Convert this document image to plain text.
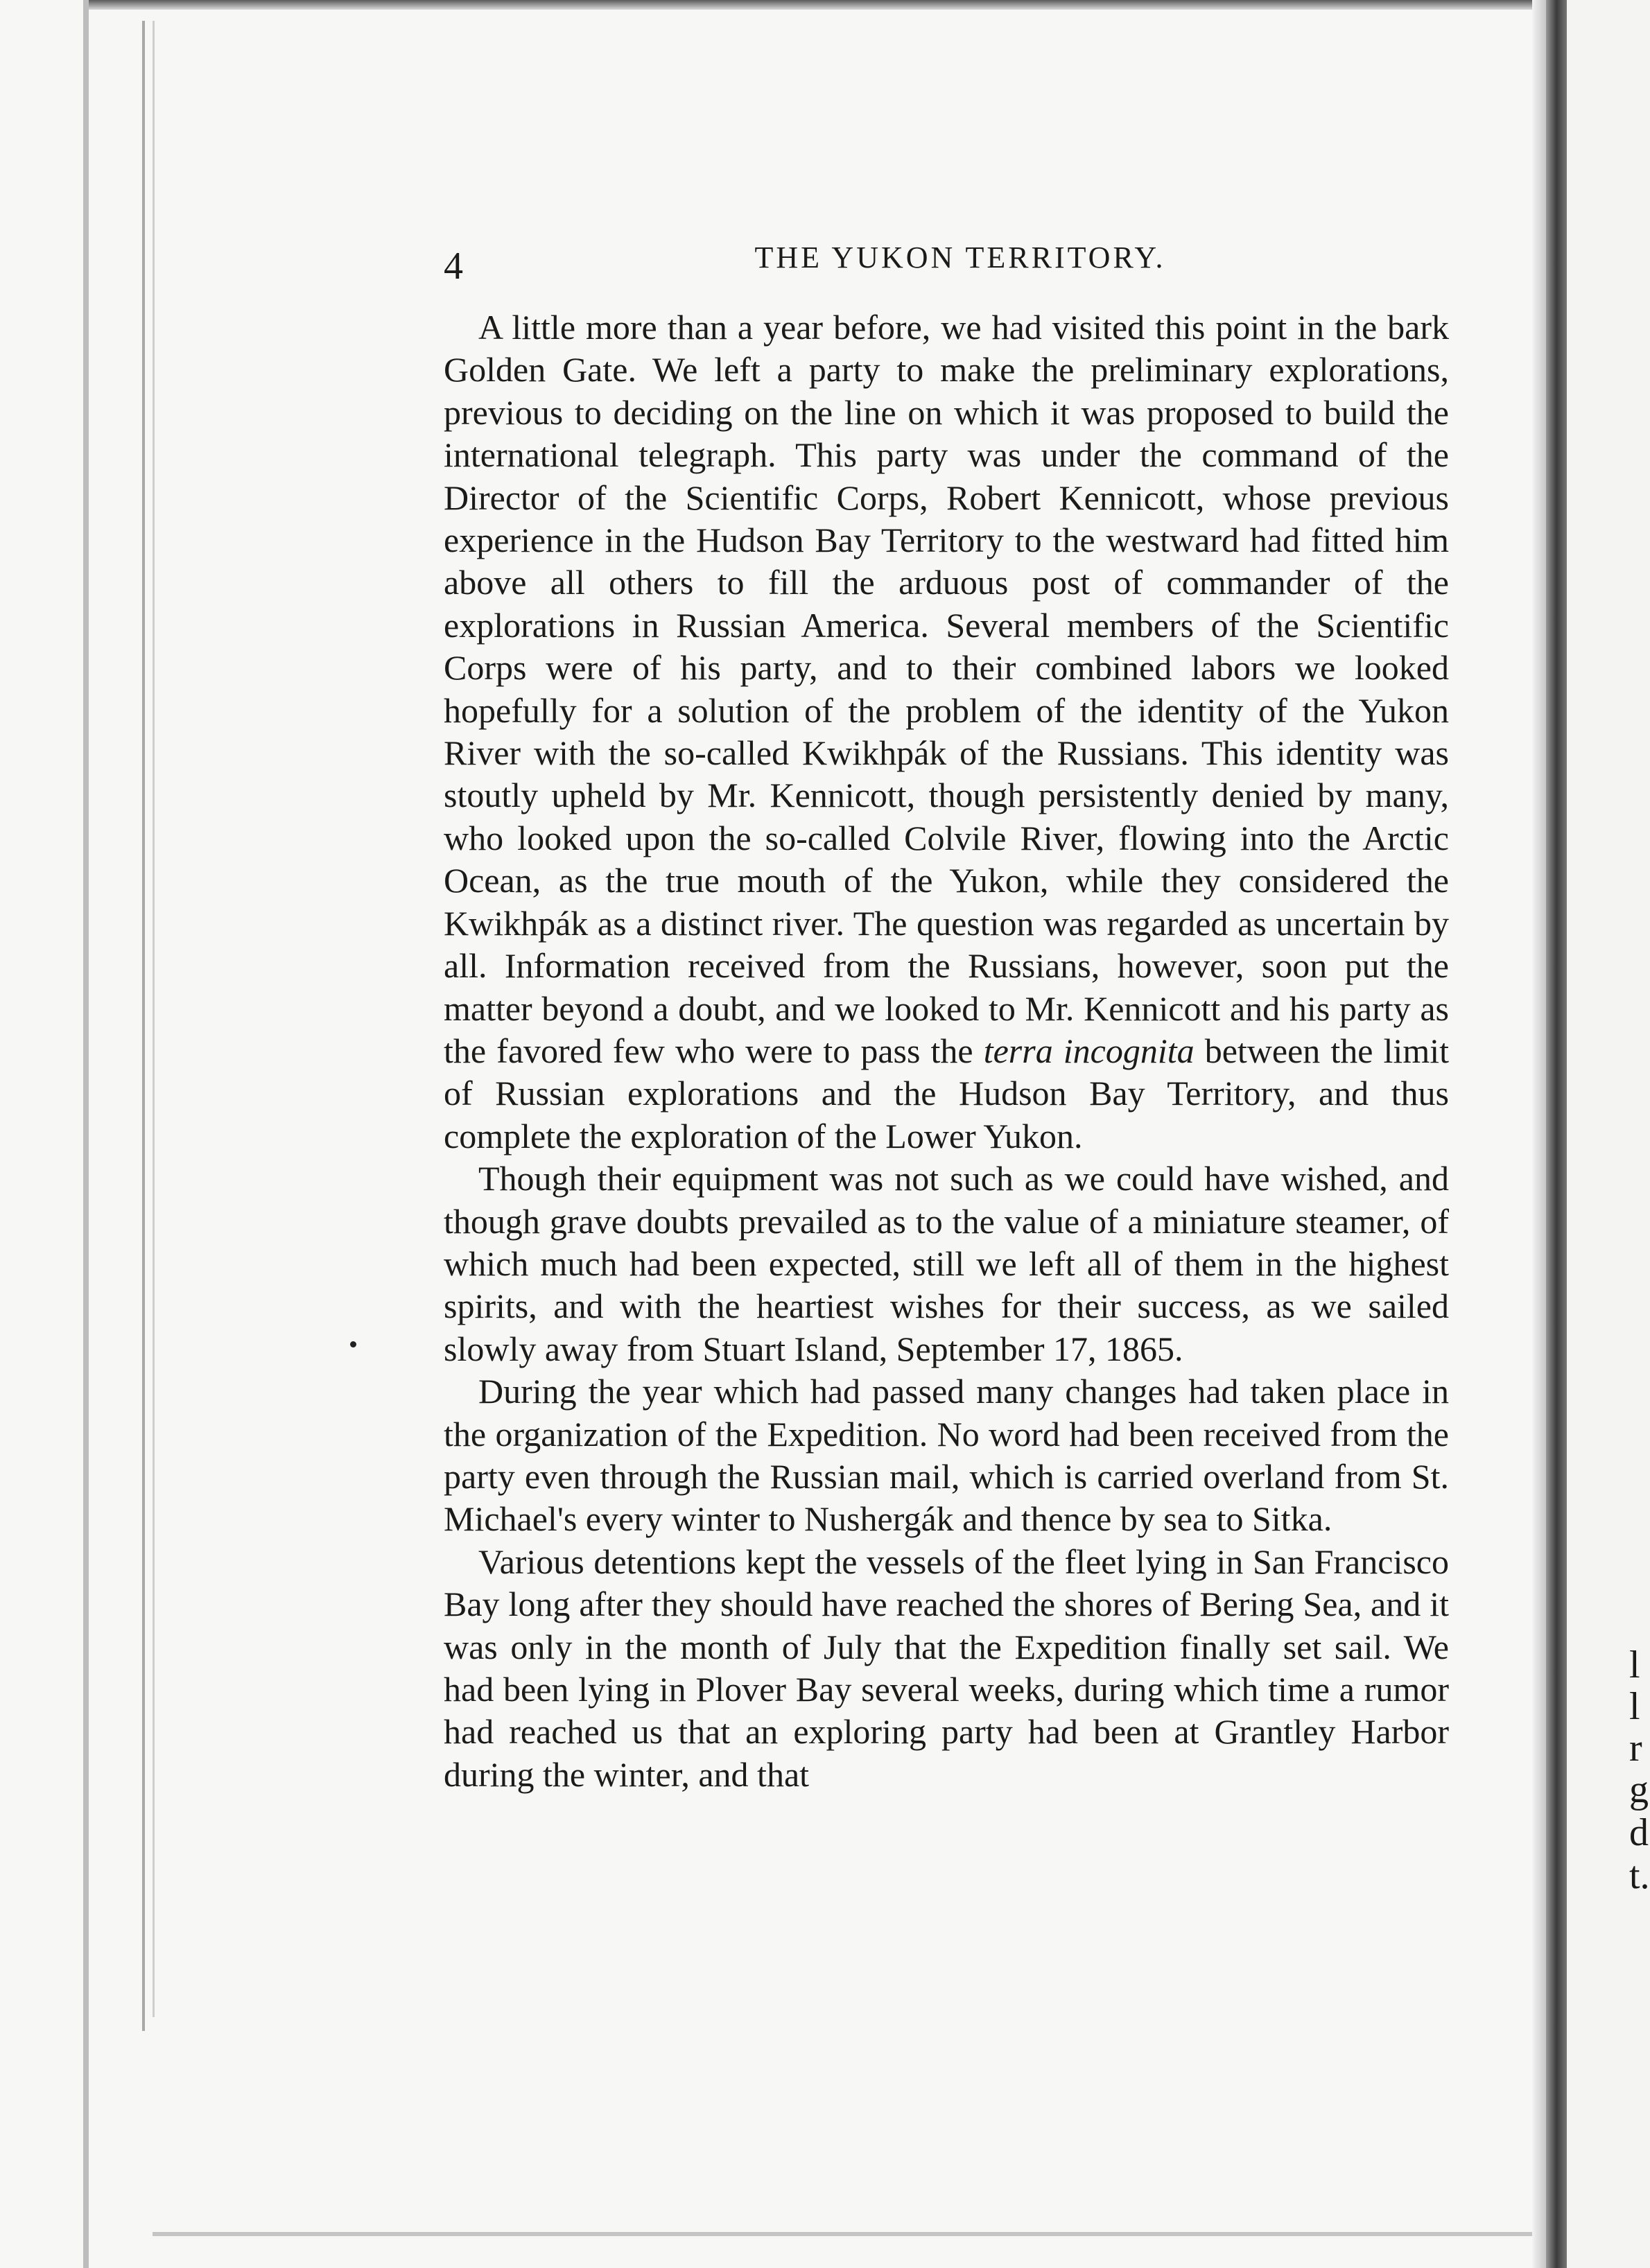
l
l
r
g
d
t.
4	THE YUKON TERRITORY.

A little more than a year before, we had visited this point in the bark Golden Gate. We left a party to make the preliminary explorations, previous to deciding on the line on which it was proposed to build the international telegraph. This party was under the command of the Director of the Scientific Corps, Robert Kennicott, whose previous experience in the Hudson Bay Territory to the westward had fitted him above all others to fill the arduous post of commander of the explorations in Russian America. Several members of the Scientific Corps were of his party, and to their combined labors we looked hopefully for a solution of the problem of the identity of the Yukon River with the so-called Kwikhpák of the Russians. This identity was stoutly upheld by Mr. Kennicott, though persistently denied by many, who looked upon the so-called Colvile River, flowing into the Arctic Ocean, as the true mouth of the Yukon, while they considered the Kwikhpák as a distinct river. The question was regarded as uncertain by all. Information received from the Russians, however, soon put the matter beyond a doubt, and we looked to Mr. Kennicott and his party as the favored few who were to pass the terra incognita between the limit of Russian explorations and the Hudson Bay Territory, and thus complete the exploration of the Lower Yukon.

Though their equipment was not such as we could have wished, and though grave doubts prevailed as to the value of a miniature steamer, of which much had been expected, still we left all of them in the highest spirits, and with the heartiest wishes for their success, as we sailed slowly away from Stuart Island, September 17, 1865.

During the year which had passed many changes had taken place in the organization of the Expedition. No word had been received from the party even through the Russian mail, which is carried overland from St. Michael's every winter to Nushergák and thence by sea to Sitka.

Various detentions kept the vessels of the fleet lying in San Francisco Bay long after they should have reached the shores of Bering Sea, and it was only in the month of July that the Expedition finally set sail. We had been lying in Plover Bay several weeks, during which time a rumor had reached us that an exploring party had been at Grantley Harbor during the winter, and that
